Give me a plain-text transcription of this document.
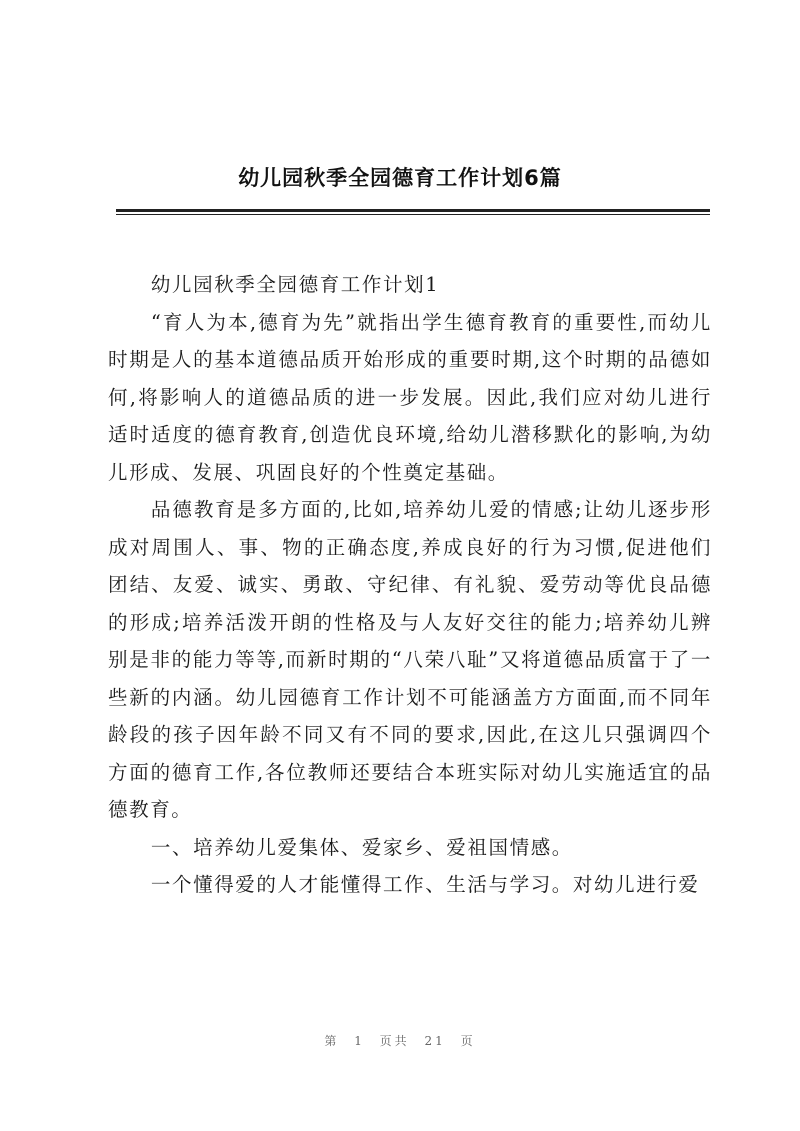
幼儿园秋季全园德育工作计划6篇

幼儿园秋季全园德育工作计划1

“育人为本,德育为先”就指出学生德育教育的重要性,而幼儿时期是人的基本道德品质开始形成的重要时期,这个时期的品德如何,将影响人的道德品质的进一步发展。因此,我们应对幼儿进行适时适度的德育教育,创造优良环境,给幼儿潜移默化的影响,为幼儿形成、发展、巩固良好的个性奠定基础。

品德教育是多方面的,比如,培养幼儿爱的情感;让幼儿逐步形成对周围人、事、物的正确态度,养成良好的行为习惯,促进他们团结、友爱、诚实、勇敢、守纪律、有礼貌、爱劳动等优良品德的形成;培养活泼开朗的性格及与人友好交往的能力;培养幼儿辨别是非的能力等等,而新时期的“八荣八耻”又将道德品质富于了一些新的内涵。幼儿园德育工作计划不可能涵盖方方面面,而不同年龄段的孩子因年龄不同又有不同的要求,因此,在这儿只强调四个方面的德育工作,各位教师还要结合本班实际对幼儿实施适宜的品德教育。

一、培养幼儿爱集体、爱家乡、爱祖国情感。

一个懂得爱的人才能懂得工作、生活与学习。对幼儿进行爱

第 1 页共 21 页
